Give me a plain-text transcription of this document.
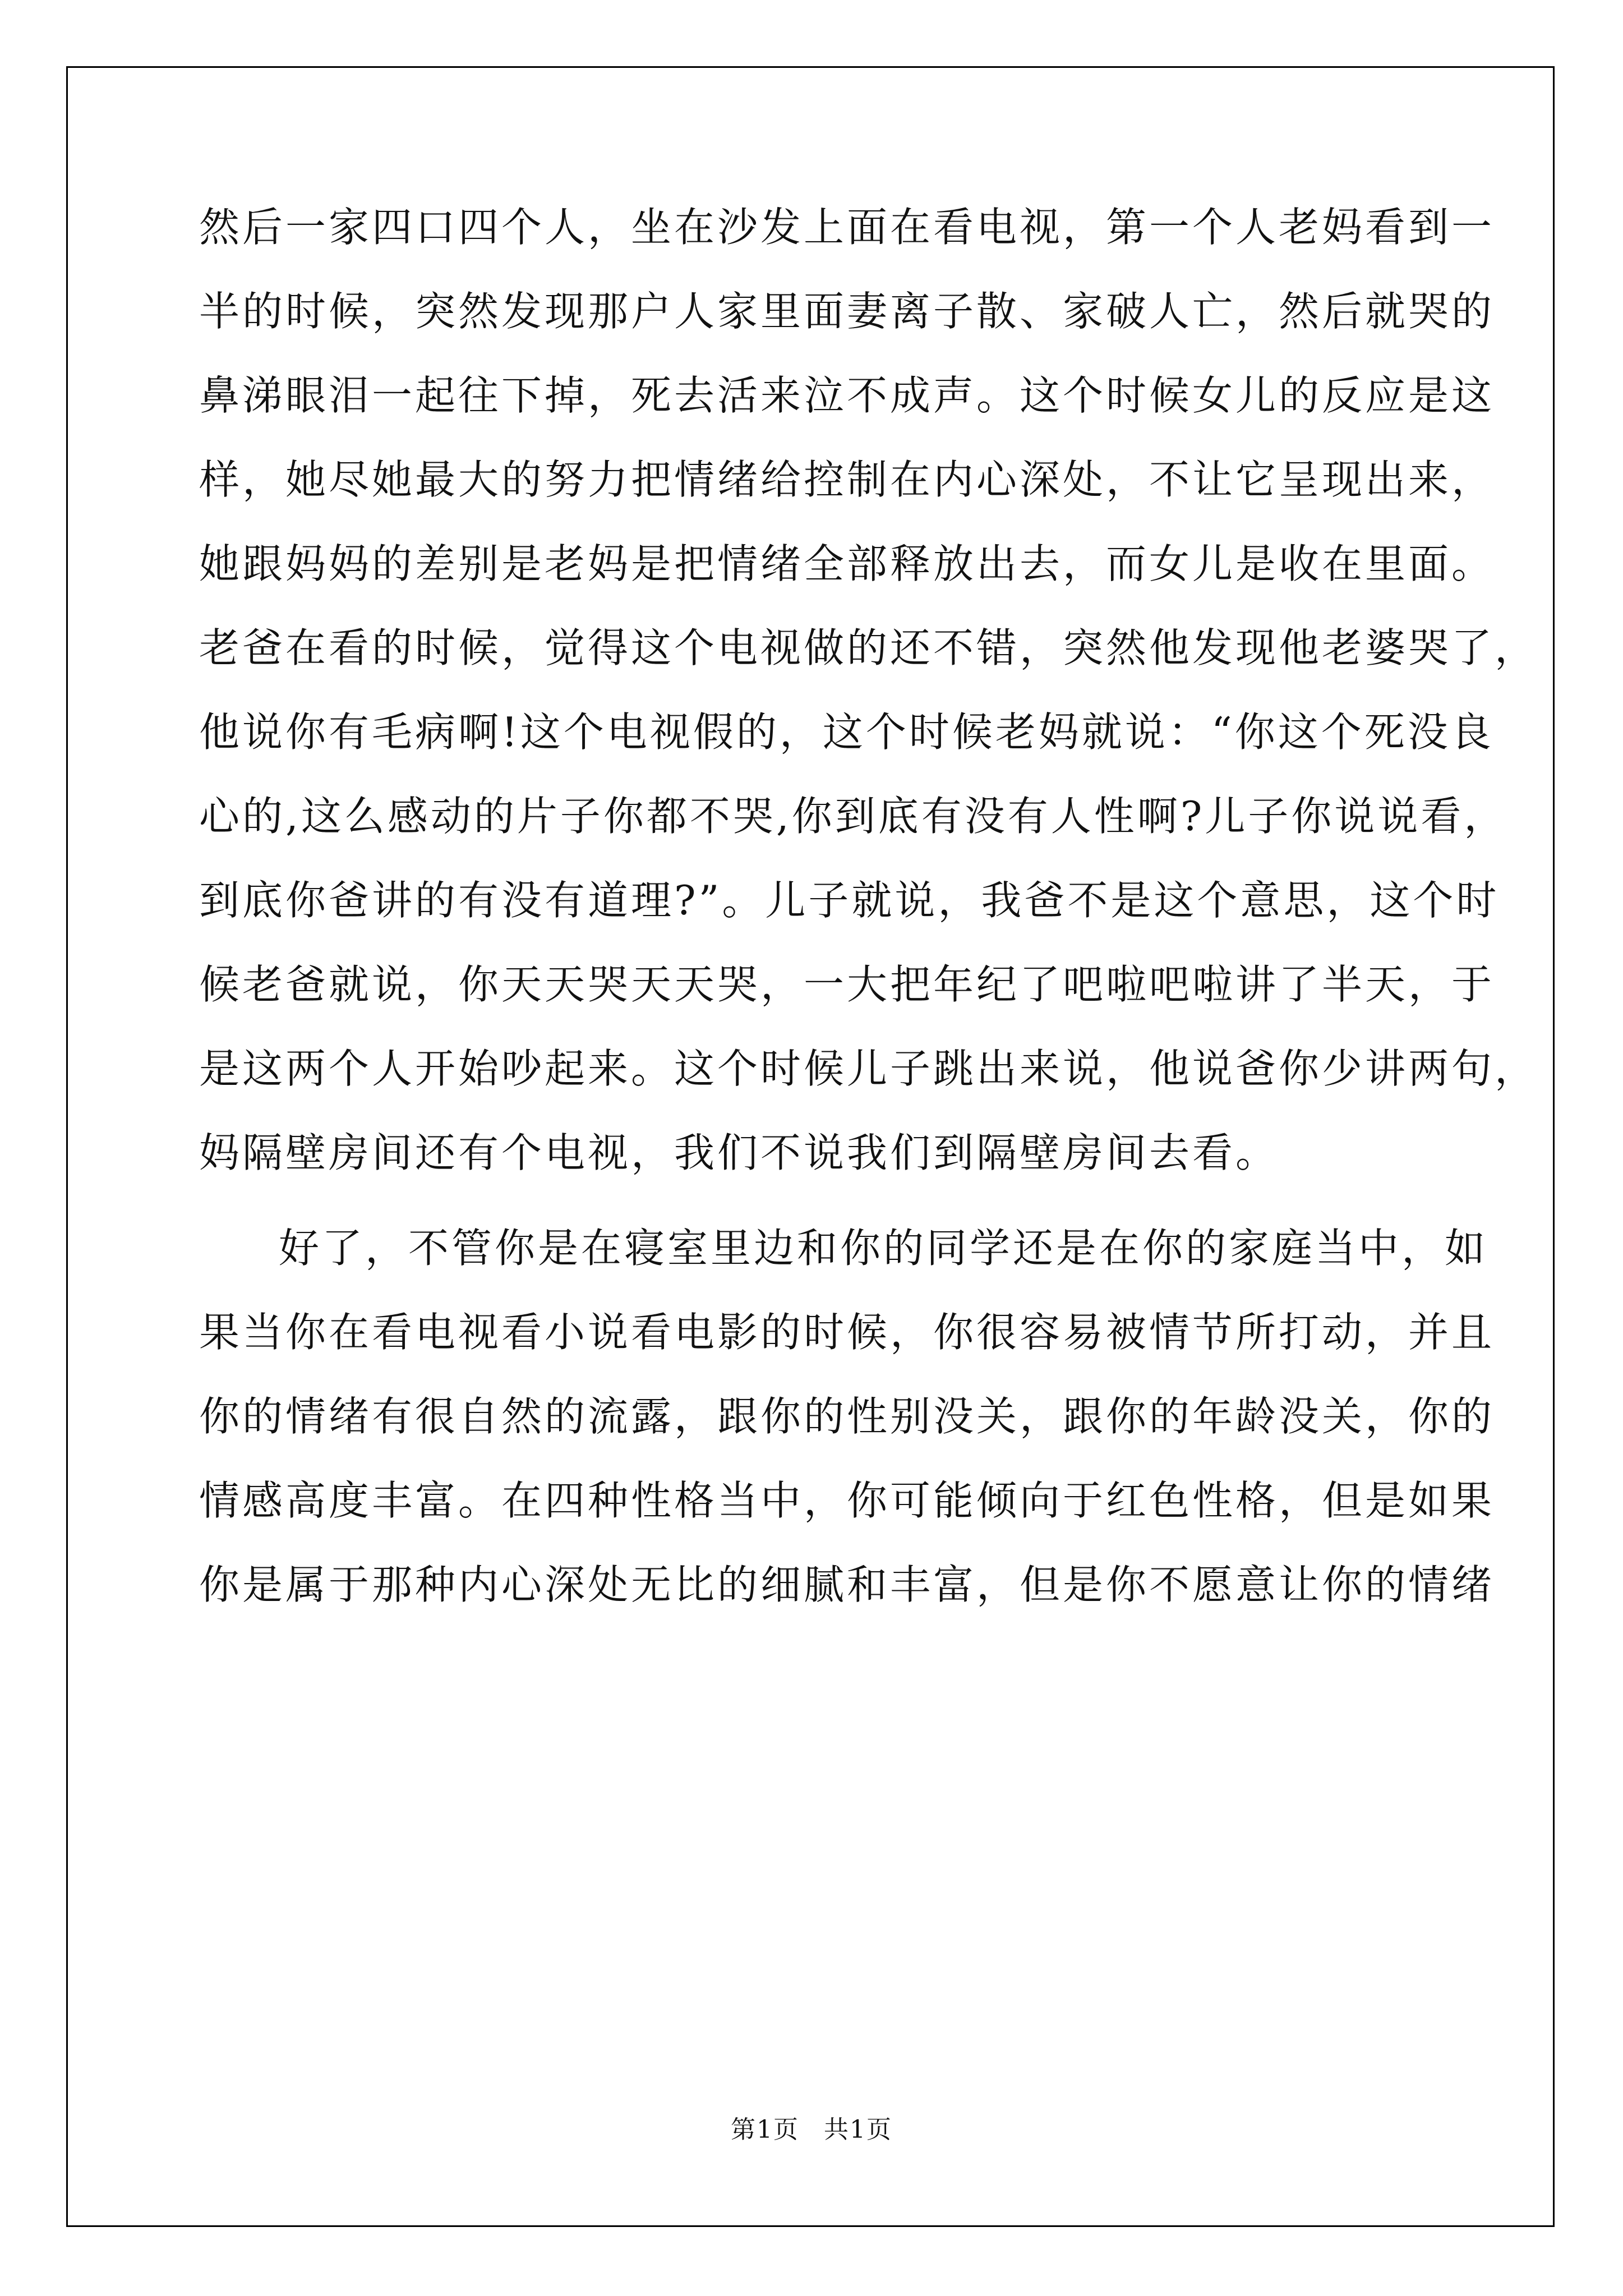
然后一家四口四个人，坐在沙发上面在看电视，第一个人老妈看到一
半的时候，突然发现那户人家里面妻离子散、家破人亡，然后就哭的
鼻涕眼泪一起往下掉，死去活来泣不成声。这个时候女儿的反应是这
样，她尽她最大的努力把情绪给控制在内心深处，不让它呈现出来，
她跟妈妈的差别是老妈是把情绪全部释放出去，而女儿是收在里面。
老爸在看的时候，觉得这个电视做的还不错，突然他发现他老婆哭了，
他说你有毛病啊!这个电视假的，这个时候老妈就说：“你这个死没良
心的,这么感动的片子你都不哭,你到底有没有人性啊?儿子你说说看，
到底你爸讲的有没有道理?”。儿子就说，我爸不是这个意思，这个时
候老爸就说，你天天哭天天哭，一大把年纪了吧啦吧啦讲了半天，于
是这两个人开始吵起来。这个时候儿子跳出来说，他说爸你少讲两句，
妈隔壁房间还有个电视，我们不说我们到隔壁房间去看。
好了，不管你是在寝室里边和你的同学还是在你的家庭当中，如
果当你在看电视看小说看电影的时候，你很容易被情节所打动，并且
你的情绪有很自然的流露，跟你的性别没关，跟你的年龄没关，你的
情感高度丰富。在四种性格当中，你可能倾向于红色性格，但是如果
你是属于那种内心深处无比的细腻和丰富，但是你不愿意让你的情绪
第1页 共1页
